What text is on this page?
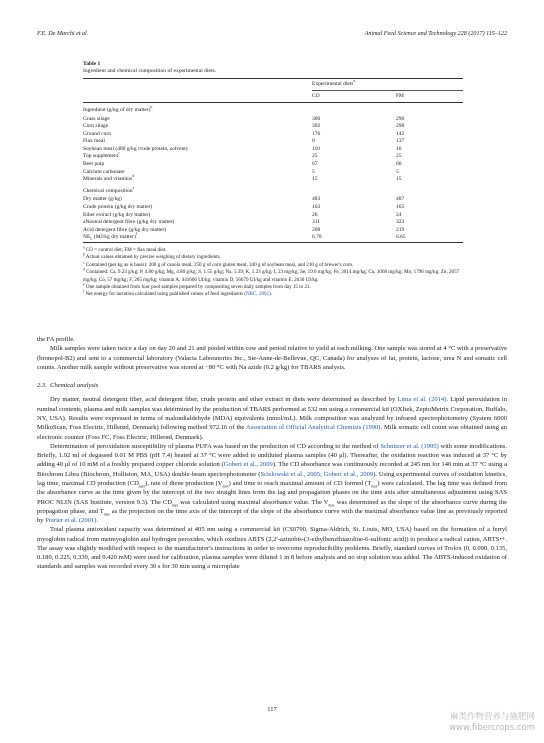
F.E. De Marchi et al.	Animal Feed Science and Technology 228 (2017) 115–122
Table 1
Ingredient and chemical composition of experimental diets.
Experimental diets$^a$
	CO	FM
Ingredient (g/kg of dry matter)$^b$		
Grass silage	300	296
Corn silage	302	298
Ground corn	176	142
Flax meal	0	137
Soybean meal (480 g/kg crude protein, solvent)	110	16
Top supplement$^c$	25	25
Beet pulp	67	66
Calcium carbonate	5	5
Minerals and vitamins$^d$	15	15
Chemical composition$^e$		
Dry matter (g/kg)	483	487
Crude protein (g/kg dry matter)	163	165
Ether extract (g/kg dry matter)	26	24
aNeutral detergent fibre (g/kg dry matter)	311	323
Acid detergent fibre (g/kg dry matter)	208	219
$NE_L$ (MJ/kg dry matter)$^f$	6.78	6.65

$^a$ CO = control diet; FM = flax meal diet.

$^b$ Actual values obtained by precise weighing of dietary ingredients.

$^c$ Contained (per kg as is basis): 200 g of canola meal, 250 g of corn gluten meal, 340 g of soybean meal, and 210 g of brewer's corn.

$^d$ Contained: Ca, 9.23 g/kg; P, 4.80 g/kg; Mg, 4.80 g/kg; S, 1.55 g/kg; Na, 5.39; K, 1.23 g/kg; I, 23 mg/kg; Se, 19.6 mg/kg; Fe, 2014 mg/kg; Cu, 1068 mg/kg; Mn, 1796 mg/kg; Zn, 2657 mg/kg; Co, 57 mg/kg; F, 265 mg/kg; vitamin A, 441606 UI/kg; vitamin D, 56679 UI/kg and vitamin E, 2630 UI/kg.

$^e$ One sample obtained from four pool samples prepared by compositing seven daily samples from day 15 to 21.

$^f$ Net energy for lactation calculated using published values of feed ingredients (NRC, 2001).

the FA profile.

Milk samples were taken twice a day on day 20 and 21 and pooled within cow and period relative to yield at each milking. One sample was stored at 4 °C with a preservative (bronopol-B2) and sent to a commercial laboratory (Valacta Laboratories Inc., Ste-Anne-de-Bellevue, QC, Canada) for analyses of fat, protein, lactose, urea N and somatic cell counts. Another milk sample without preservative was stored at −80 °C with Na azide (0.2 g/kg) for TBARS analysis.

2.3. Chemical analysis

Dry matter, neutral detergent fiber, acid detergent fiber, crude protein and ether extract in diets were determined as described by Lima et al. (2014). Lipid peroxidation in ruminal contents, plasma and milk samples was determined by the production of TBARS performed at 532 nm using a commercial kit (OXItek, ZeptoMetrix Corporation, Buffalo, NY, USA). Results were expressed in terms of malondialdehyde (MDA) equivalents (nmol/mL). Milk composition was analyzed by infrared spectrophotometry (System 6000 MilkoScan, Foss Electric, Hillerød, Denmark) following method 972.16 of the Association of Official Analytical Chemists (1990). Milk somatic cell count was obtained using an electronic counter (Foss FC, Foss Electric, Hillerød, Denmark).

Determination of peroxidation susceptibility of plasma PUFA was based on the production of CD according to the method of Schnitzer et al. (1995) with some modifications. Briefly, 1.92 ml of degassed 0.01 M PBS (pH 7.4) heated at 37 °C were added to undiluted plasma samples (40 μl). Thereafter, the oxidation reaction was induced at 37 °C by adding 40 μl of 10 mM of a freshly prepared copper chloride solution (Gobert et al., 2009). The CD absorbance was continuously recorded at 245 nm for 140 min at 37 °C using a Biochrom Libra (Biochrom, Holliston, MA, USA) double-beam spectrophotometer (Scislowski et al., 2005; Gobert et al., 2009). Using experimental curves of oxidation kinetics, lag time, maximal CD production $(CD_{max})$, rate of diene production $(V_{max})$ and time to reach maximal amount of CD formed $(T_{max})$ were calculated. The lag time was defined from the absorbance curve as the time given by the intercept of the two straight lines from the lag and propagation phases on the time axis after simultaneous adjustment using SAS PROC NLIN (SAS Institute, version 9.3). The $CD_{max}$ was calculated using maximal absorbance value. The $V_{max}$ was determined as the slope of the absorbance curve during the propagation phase, and $T_{max}$ as the projection on the time axis of the intercept of the slope of the absorbance curve with the maximal absorbance value line as previously reported by Poirier et al. (2001).

Total plasma antioxidant capacity was determined at 405 nm using a commercial kit (CS0790, Sigma-Aldrich, St. Louis, MO, USA) based on the formation of a ferryl myoglobin radical from metmyoglobin and hydrogen peroxides, which oxidizes ABTS (2,2′-azinobis-(3-ethylbenzthiazoline-6-sulfonic acid)) to produce a radical cation, ABTS•+. The assay was slightly modified with respect to the manufacturer's instructions in order to overcome reproducibility problems. Briefly, standard curves of Trolox (0, 0.090, 0.135, 0.180, 0.225, 0.330, and 0.420 mM) were used for calibration, plasma samples were diluted 1 in 8 before analysis and no stop solution was added. The ABTS-induced oxidation of standards and samples was recorded every 30 s for 30 min using a microplate

117
麻类作物营养与施肥网
www.fibercrops.com
